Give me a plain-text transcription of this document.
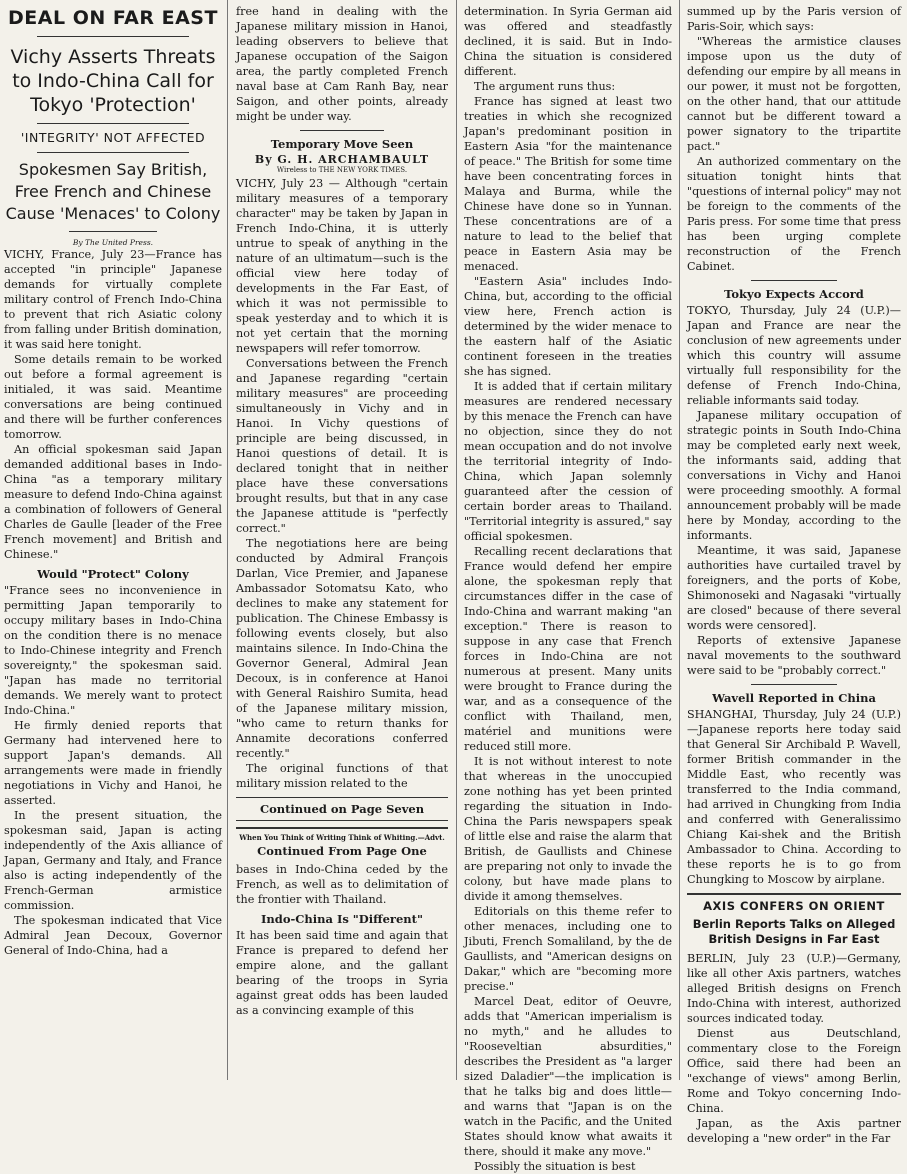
DEAL ON FAR EAST
Vichy Asserts Threats to Indo-China Call for Tokyo 'Protection'
'INTEGRITY' NOT AFFECTED
Spokesmen Say British, Free French and Chinese Cause 'Menaces' to Colony
By The United Press.

VICHY, France, July 23—France has accepted "in principle" Japanese demands for virtually complete military control of French Indo-China to prevent that rich Asiatic colony from falling under British domination, it was said here tonight.

Some details remain to be worked out before a formal agreement is initialed, it was said. Meantime conversations are being continued and there will be further conferences tomorrow.

An official spokesman said Japan demanded additional bases in Indo-China "as a temporary military measure to defend Indo-China against a combination of followers of General Charles de Gaulle [leader of the Free French movement] and British and Chinese."

Would "Protect" Colony

"France sees no inconvenience in permitting Japan temporarily to occupy military bases in Indo-China on the condition there is no menace to Indo-Chinese integrity and French sovereignty," the spokesman said. "Japan has made no territorial demands. We merely want to protect Indo-China."

He firmly denied reports that Germany had intervened here to support Japan's demands. All arrangements were made in friendly negotiations in Vichy and Hanoi, he asserted.

In the present situation, the spokesman said, Japan is acting independently of the Axis alliance of Japan, Germany and Italy, and France also is acting independently of the French-German armistice commission.

The spokesman indicated that Vice Admiral Jean Decoux, Governor General of Indo-China, had a

free hand in dealing with the Japanese military mission in Hanoi, leading observers to believe that Japanese occupation of the Saigon area, the partly completed French naval base at Cam Ranh Bay, near Saigon, and other points, already might be under way.

Temporary Move Seen
By G. H. ARCHAMBAULT
Wireless to THE NEW YORK TIMES.

VICHY, July 23 — Although "certain military measures of a temporary character" may be taken by Japan in French Indo-China, it is utterly untrue to speak of anything in the nature of an ultimatum—such is the official view here today of developments in the Far East, of which it was not permissible to speak yesterday and to which it is not yet certain that the morning newspapers will refer tomorrow.

Conversations between the French and Japanese regarding "certain military measures" are proceeding simultaneously in Vichy and in Hanoi. In Vichy questions of principle are being discussed, in Hanoi questions of detail. It is declared tonight that in neither place have these conversations brought results, but that in any case the Japanese attitude is "perfectly correct."

The negotiations here are being conducted by Admiral François Darlan, Vice Premier, and Japanese Ambassador Sotomatsu Kato, who declines to make any statement for publication. The Chinese Embassy is following events closely, but also maintains silence. In Indo-China the Governor General, Admiral Jean Decoux, is in conference at Hanoi with General Raishiro Sumita, head of the Japanese military mission, "who came to return thanks for Annamite decorations conferred recently."

The original functions of that military mission related to the

Continued on Page Seven
When You Think of Writing Think of Whiting.—Advt.
Continued From Page One

bases in Indo-China ceded by the French, as well as to delimitation of the frontier with Thailand.

Indo-China Is "Different"

It has been said time and again that France is prepared to defend her empire alone, and the gallant bearing of the troops in Syria against great odds has been lauded as a convincing example of this

determination. In Syria German aid was offered and steadfastly declined, it is said. But in Indo-China the situation is considered different.

The argument runs thus:

France has signed at least two treaties in which she recognized Japan's predominant position in Eastern Asia "for the maintenance of peace." The British for some time have been concentrating forces in Malaya and Burma, while the Chinese have done so in Yunnan. These concentrations are of a nature to lead to the belief that peace in Eastern Asia may be menaced.

"Eastern Asia" includes Indo-China, but, according to the official view here, French action is determined by the wider menace to the eastern half of the Asiatic continent foreseen in the treaties she has signed.

It is added that if certain military measures are rendered necessary by this menace the French can have no objection, since they do not mean occupation and do not involve the territorial integrity of Indo-China, which Japan solemnly guaranteed after the cession of certain border areas to Thailand. "Territorial integrity is assured," say official spokesmen.

Recalling recent declarations that France would defend her empire alone, the spokesman reply that circumstances differ in the case of Indo-China and warrant making "an exception." There is reason to suppose in any case that French forces in Indo-China are not numerous at present. Many units were brought to France during the war, and as a consequence of the conflict with Thailand, men, matériel and munitions were reduced still more.

It is not without interest to note that whereas in the unoccupied zone nothing has yet been printed regarding the situation in Indo-China the Paris newspapers speak of little else and raise the alarm that British, de Gaullists and Chinese are preparing not only to invade the colony, but have made plans to divide it among themselves.

Editorials on this theme refer to other menaces, including one to Jibuti, French Somaliland, by the de Gaullists, and "American designs on Dakar," which are "becoming more precise."

Marcel Deat, editor of Oeuvre, adds that "American imperialism is no myth," and he alludes to "Rooseveltian absurdities," describes the President as "a larger sized Daladier"—the implication is that he talks big and does little—and warns that "Japan is on the watch in the Pacific, and the United States should know what awaits it there, should it make any move."

Possibly the situation is best

summed up by the Paris version of Paris-Soir, which says:

"Whereas the armistice clauses impose upon us the duty of defending our empire by all means in our power, it must not be forgotten, on the other hand, that our attitude cannot but be different toward a power signatory to the tripartite pact."

An authorized commentary on the situation tonight hints that "questions of internal policy" may not be foreign to the comments of the Paris press. For some time that press has been urging complete reconstruction of the French Cabinet.

Tokyo Expects Accord

TOKYO, Thursday, July 24 (U.P.)—Japan and France are near the conclusion of new agreements under which this country will assume virtually full responsibility for the defense of French Indo-China, reliable informants said today.

Japanese military occupation of strategic points in South Indo-China may be completed early next week, the informants said, adding that conversations in Vichy and Hanoi were proceeding smoothly. A formal announcement probably will be made here by Monday, according to the informants.

Meantime, it was said, Japanese authorities have curtailed travel by foreigners, and the ports of Kobe, Shimonoseki and Nagasaki "virtually are closed" because of there several words were censored].

Reports of extensive Japanese naval movements to the southward were said to be "probably correct."

Wavell Reported in China

SHANGHAI, Thursday, July 24 (U.P.)—Japanese reports here today said that General Sir Archibald P. Wavell, former British commander in the Middle East, who recently was transferred to the India command, had arrived in Chungking from India and conferred with Generalissimo Chiang Kai-shek and the British Ambassador to China. According to these reports he is to go from Chungking to Moscow by airplane.

AXIS CONFERS ON ORIENT
Berlin Reports Talks on Alleged British Designs in Far East

BERLIN, July 23 (U.P.)—Germany, like all other Axis partners, watches alleged British designs on French Indo-China with interest, authorized sources indicated today.

Dienst aus Deutschland, commentary close to the Foreign Office, said there had been an "exchange of views" among Berlin, Rome and Tokyo concerning Indo-China.

Japan, as the Axis partner developing a "new order" in the Far
